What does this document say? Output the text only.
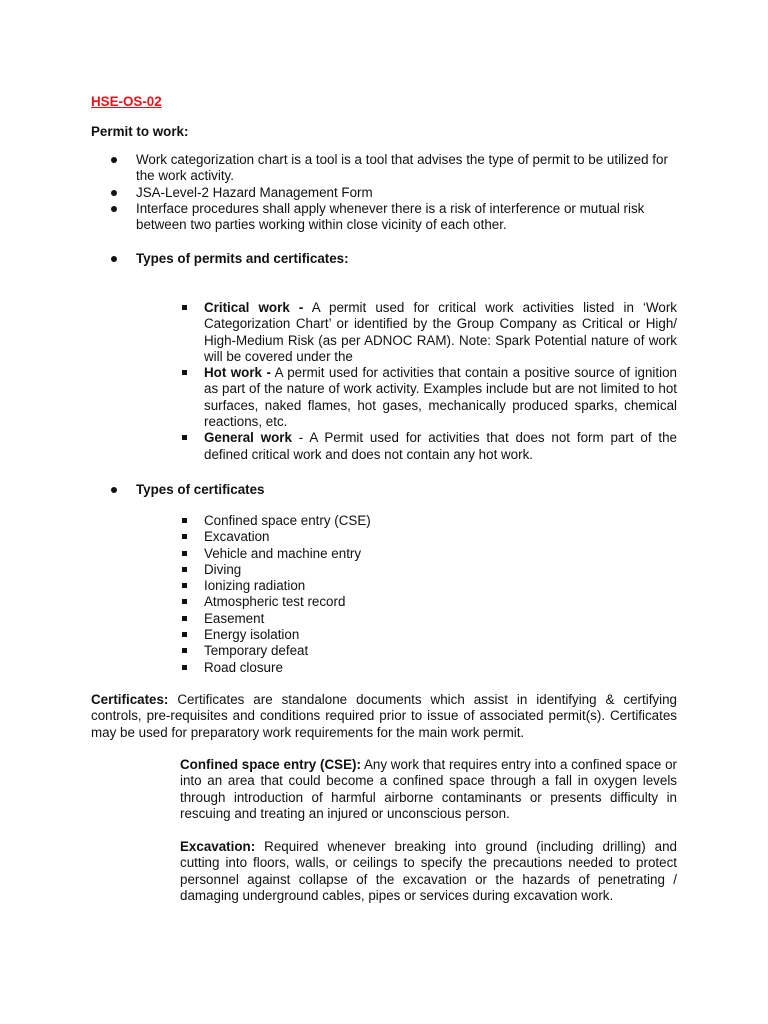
HSE-OS-02
Permit to work:
Work categorization chart is a tool is a tool that advises the type of permit to be utilized for the work activity.
JSA-Level-2 Hazard Management Form
Interface procedures shall apply whenever there is a risk of interference or mutual risk between two parties working within close vicinity of each other.
Types of permits and certificates:
Critical work - A permit used for critical work activities listed in ‘Work Categorization Chart’ or identified by the Group Company as Critical or High/ High-Medium Risk (as per ADNOC RAM). Note: Spark Potential nature of work will be covered under the
Hot work - A permit used for activities that contain a positive source of ignition as part of the nature of work activity. Examples include but are not limited to hot surfaces, naked flames, hot gases, mechanically produced sparks, chemical reactions, etc.
General work - A Permit used for activities that does not form part of the defined critical work and does not contain any hot work.
Types of certificates
Confined space entry (CSE)
Excavation
Vehicle and machine entry
Diving
Ionizing radiation
Atmospheric test record
Easement
Energy isolation
Temporary defeat
Road closure

Certificates: Certificates are standalone documents which assist in identifying & certifying controls, pre-requisites and conditions required prior to issue of associated permit(s). Certificates may be used for preparatory work requirements for the main work permit.

Confined space entry (CSE): Any work that requires entry into a confined space or into an area that could become a confined space through a fall in oxygen levels through introduction of harmful airborne contaminants or presents difficulty in rescuing and treating an injured or unconscious person.

Excavation: Required whenever breaking into ground (including drilling) and cutting into floors, walls, or ceilings to specify the precautions needed to protect personnel against collapse of the excavation or the hazards of penetrating / damaging underground cables, pipes or services during excavation work.
